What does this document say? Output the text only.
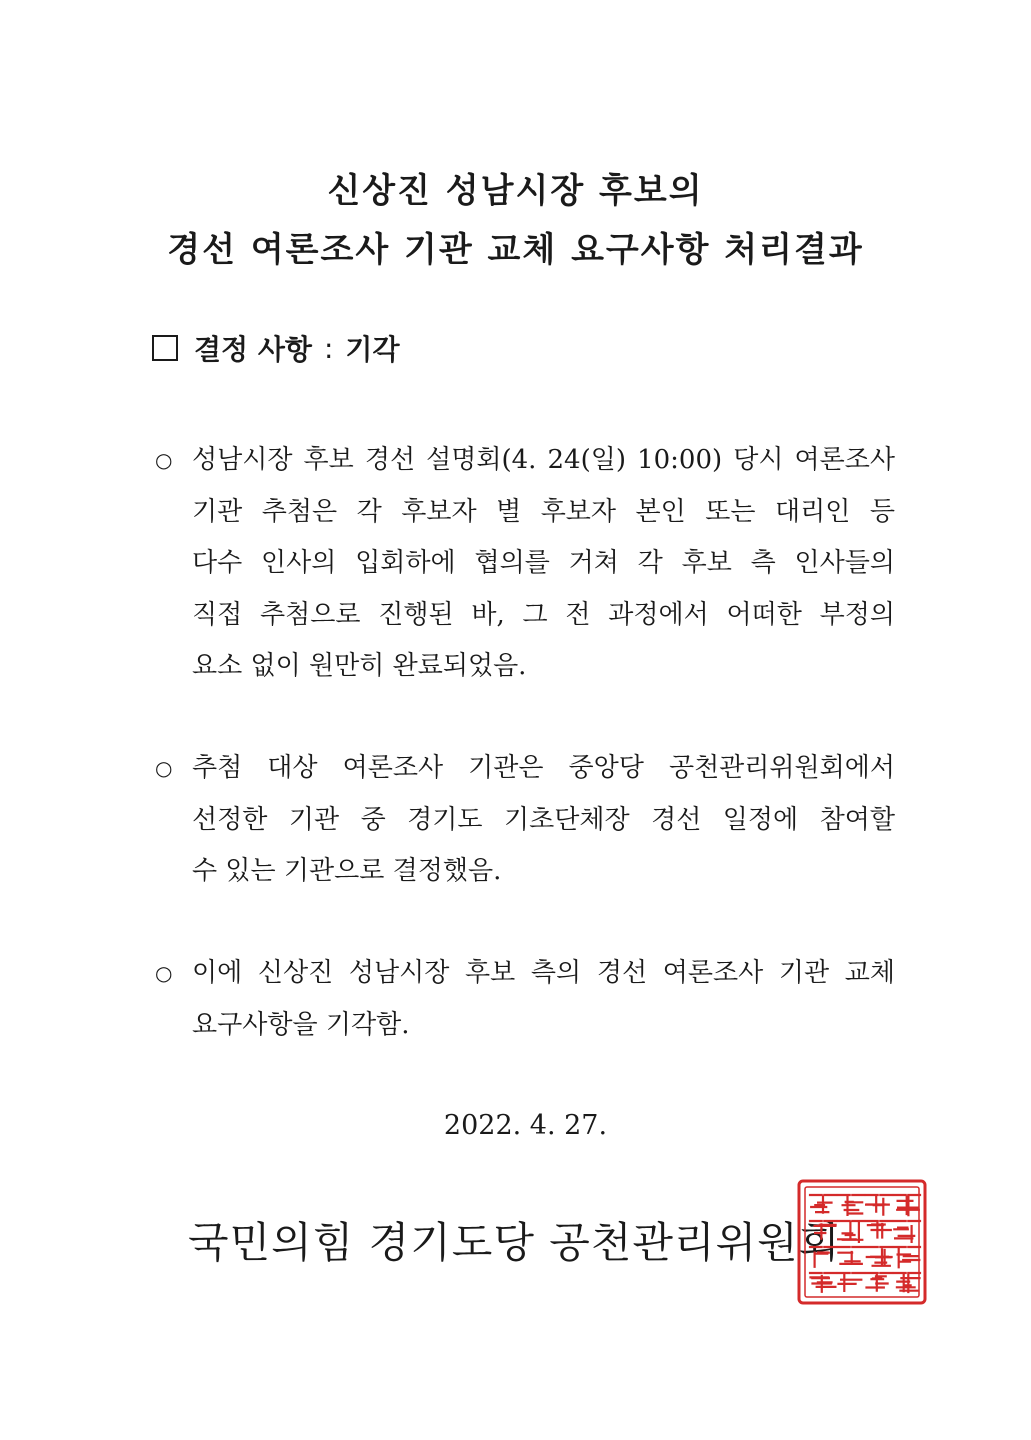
신상진 성남시장 후보의
경선 여론조사 기관 교체 요구사항 처리결과
결정 사항 : 기각
○ 성남시장 후보 경선 설명회(4. 24(일) 10:00) 당시 여론조사
기관 추첨은 각 후보자 별 후보자 본인 또는 대리인 등
다수 인사의 입회하에 협의를 거쳐 각 후보 측 인사들의
직접 추첨으로 진행된 바, 그 전 과정에서 어떠한 부정의
요소 없이 원만히 완료되었음.
○ 추첨 대상 여론조사 기관은 중앙당 공천관리위원회에서
선정한 기관 중 경기도 기초단체장 경선 일정에 참여할
수 있는 기관으로 결정했음.
○ 이에 신상진 성남시장 후보 측의 경선 여론조사 기관 교체
요구사항을 기각함.
2022. 4. 27.
국민의힘 경기도당 공천관리위원회
